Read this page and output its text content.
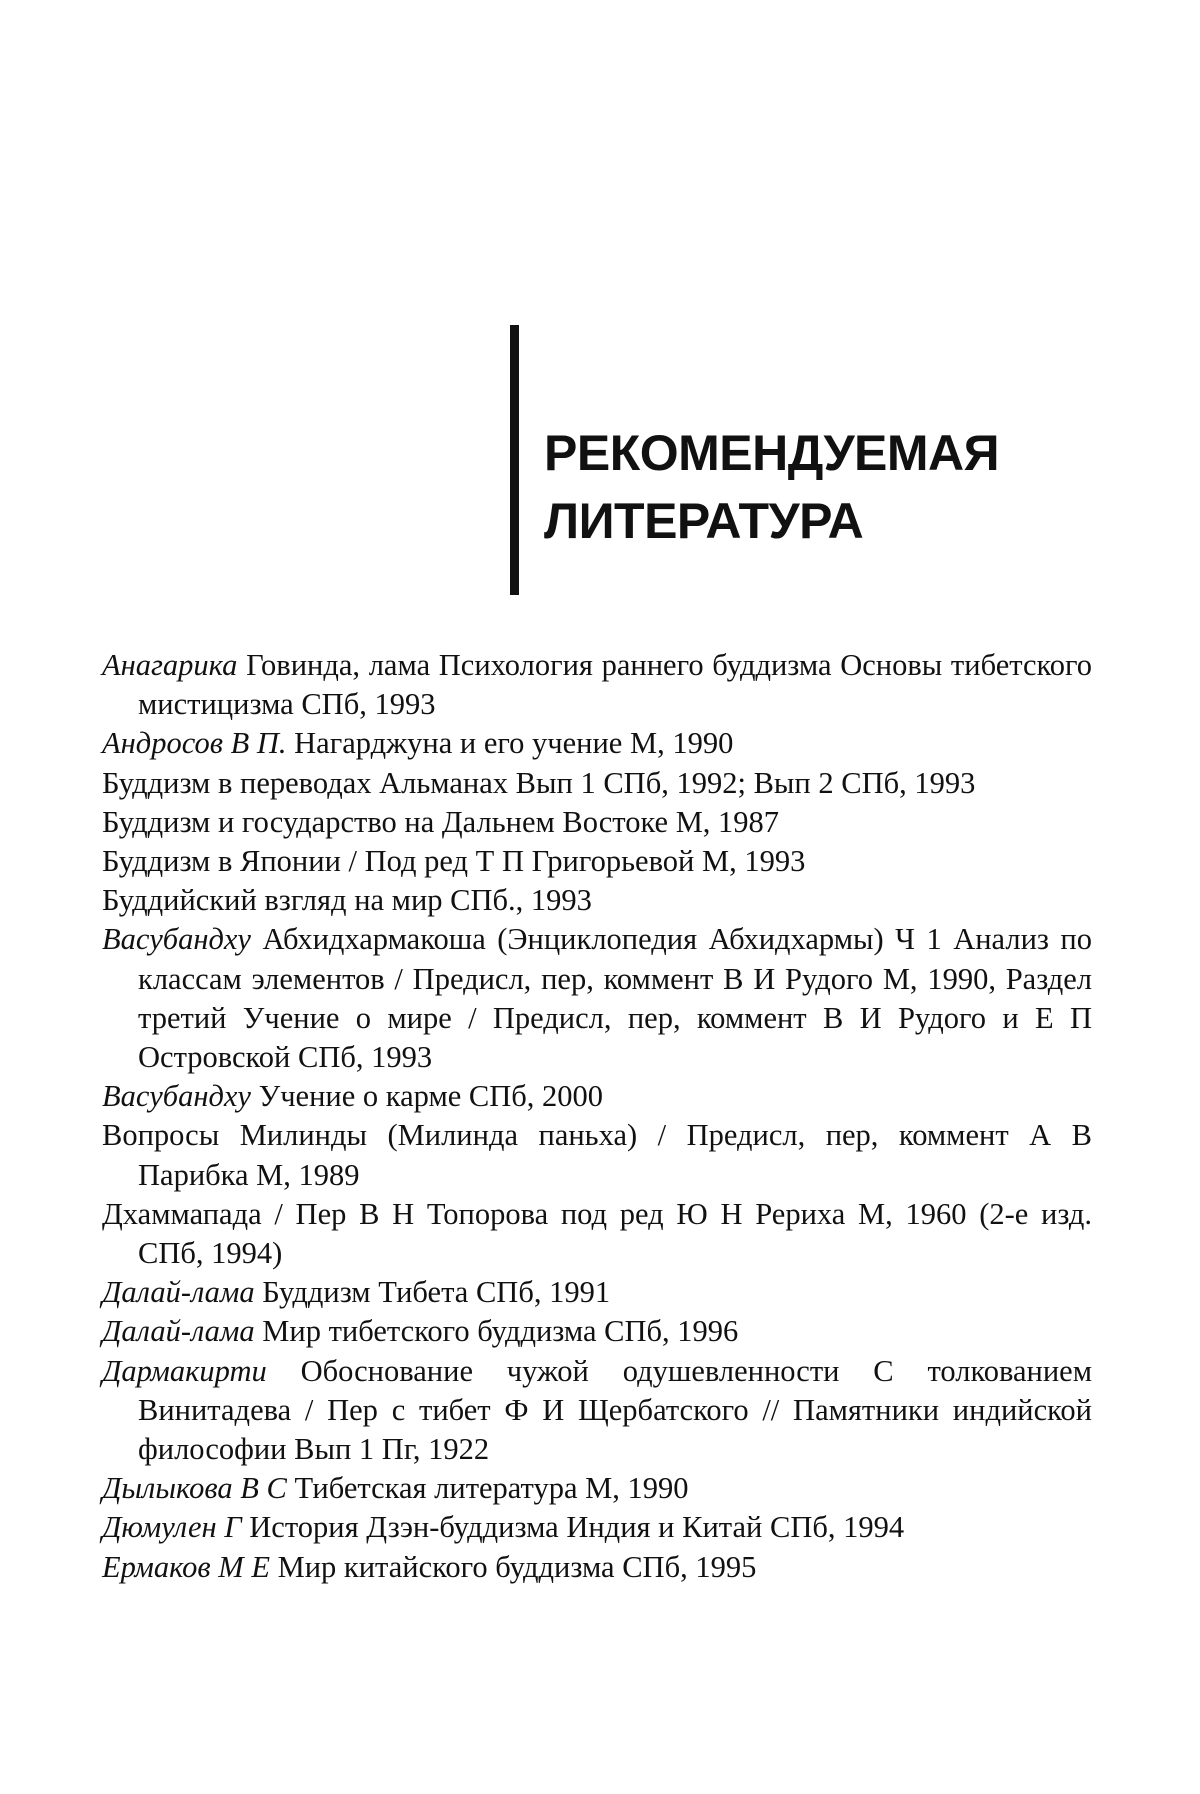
РЕКОМЕНДУЕМАЯ
ЛИТЕРАТУРА
Анагарика Говинда, лама Психология раннего буддизма Основы тибетского мистицизма СПб, 1993
Андросов В П. Нагарджуна и его учение М, 1990
Буддизм в переводах Альманах Вып 1 СПб, 1992; Вып 2 СПб, 1993
Буддизм и государство на Дальнем Востоке М, 1987
Буддизм в Японии / Под ред Т П Григорьевой М, 1993
Буддийский взгляд на мир СПб., 1993
Васубандху Абхидхармакоша (Энциклопедия Абхидхармы) Ч 1 Анализ по классам элементов / Предисл, пер, коммент В И Рудого М, 1990, Раздел третий Учение о мире / Предисл, пер, коммент В И Рудого и Е П Островской СПб, 1993
Васубандху Учение о карме СПб, 2000
Вопросы Милинды (Милинда паньха) / Предисл, пер, коммент А В Парибка М, 1989
Дхаммапада / Пер В Н Топорова под ред Ю Н Рериха М, 1960 (2-е изд. СПб, 1994)
Далай-лама Буддизм Тибета СПб, 1991
Далай-лама Мир тибетского буддизма СПб, 1996
Дармакирти Обоснование чужой одушевленности С толкованием Винитадева / Пер с тибет Ф И Щербатского // Памятники индийской философии Вып 1 Пг, 1922
Дылыкова В С Тибетская литература М, 1990
Дюмулен Г История Дзэн-буддизма Индия и Китай СПб, 1994
Ермаков М Е Мир китайского буддизма СПб, 1995
